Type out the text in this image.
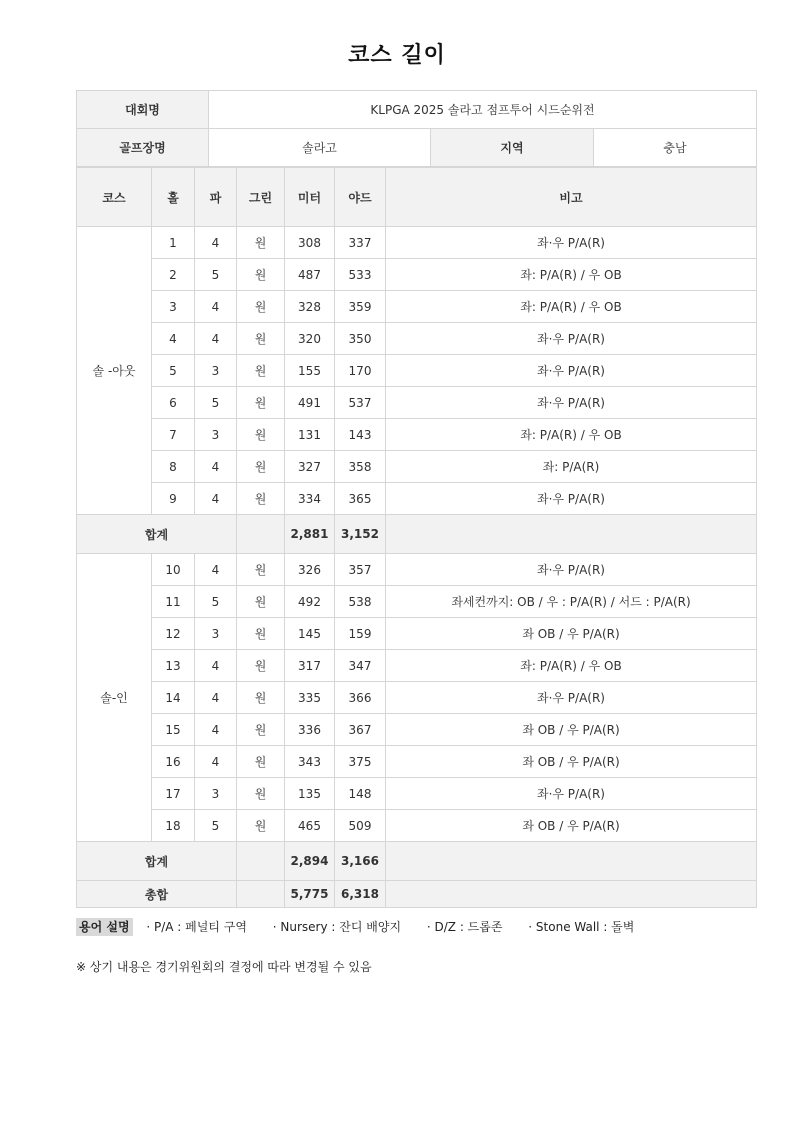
코스 길이
대회명	KLPGA 2025 솔라고 점프투어 시드순위전		
골프장명	솔라고	지역	충남
코스	홀	파	그린	미터	야드	비고
솔 -아웃	1	4	원	308	337	좌·우 P/A(R)
	2	5	원	487	533	좌: P/A(R) / 우 OB
	3	4	원	328	359	좌: P/A(R) / 우 OB
	4	4	원	320	350	좌·우 P/A(R)
	5	3	원	155	170	좌·우 P/A(R)
	6	5	원	491	537	좌·우 P/A(R)
	7	3	원	131	143	좌: P/A(R) / 우 OB
	8	4	원	327	358	좌: P/A(R)
	9	4	원	334	365	좌·우 P/A(R)
합계				2,881	3,152	
솔-인	10	4	원	326	357	좌·우 P/A(R)
	11	5	원	492	538	좌세컨까지: OB / 우 : P/A(R) / 서드 : P/A(R)
	12	3	원	145	159	좌 OB / 우 P/A(R)
	13	4	원	317	347	좌: P/A(R) / 우 OB
	14	4	원	335	366	좌·우 P/A(R)
	15	4	원	336	367	좌 OB / 우 P/A(R)
	16	4	원	343	375	좌 OB / 우 P/A(R)
	17	3	원	135	148	좌·우 P/A(R)
	18	5	원	465	509	좌 OB / 우 P/A(R)
합계				2,894	3,166	
총합				5,775	6,318	
용어 설명 · P/A : 페널티 구역 · Nursery : 잔디 배양지 · D/Z : 드롭존 · Stone Wall : 돌벽
※ 상기 내용은 경기위원회의 결정에 따라 변경될 수 있음
